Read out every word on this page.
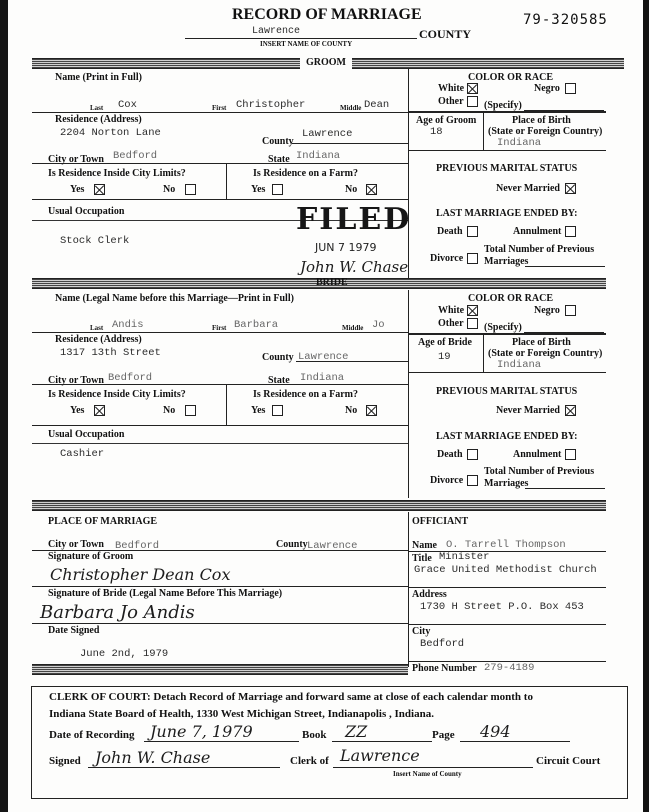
RECORD OF MARRIAGE
Lawrence	COUNTY
INSERT NAME OF COUNTY
79-320585
GROOM
Name (Print in Full)
Last Cox	First Christopher	Middle Dean
Residence (Address)
2204 Norton Lane
County
Lawrence
City or Town Bedford	State Indiana
Is Residence Inside City Limits?	Is Residence on a Farm?
Yes	No	Yes	No
Usual Occupation
Stock Clerk
FILED
JUN 7 1979
John W. Chase
COLOR OR RACE
White	Negro
Other (Specify)
Age of Groom
18
Place of Birth
(State or Foreign Country)
Indiana
PREVIOUS MARITAL STATUS
Never Married
LAST MARRIAGE ENDED BY:
Death	Annulment
Divorce
Total Number of Previous
Marriages
BRIDE
Name (Legal Name before this Marriage—Print in Full)
Last Andis	First Barbara	Middle Jo
Residence (Address)
1317 13th Street	County Lawrence
City or Town Bedford	State Indiana
Is Residence Inside City Limits?	Is Residence on a Farm?
Yes	No	Yes	No
Usual Occupation
Cashier
COLOR OR RACE
White	Negro
Other (Specify)
Age of Bride
19
Place of Birth
(State or Foreign Country)
Indiana
PREVIOUS MARITAL STATUS
Never Married
LAST MARRIAGE ENDED BY:
Death	Annulment
Divorce
Total Number of Previous
Marriages
PLACE OF MARRIAGE
City or Town Bedford	County Lawrence
Signature of Groom
Christopher Dean Cox
Signature of Bride (Legal Name Before This Marriage)
Barbara Jo Andis
Date Signed
June 2nd, 1979
OFFICIANT
Name O. Tarrell Thompson
Title Minister
Grace United Methodist Church
Address
1730 H Street P.O. Box 453
City
Bedford
Phone Number 279-4189
CLERK OF COURT: Detach Record of Marriage and forward same at close of each calendar month to
Indiana State Board of Health, 1330 West Michigan Street, Indianapolis , Indiana.
Date of Recording June 7, 1979	Book ZZ	Page 494
Signed John W. Chase	Clerk of Lawrence	Circuit Court
Insert Name of County
